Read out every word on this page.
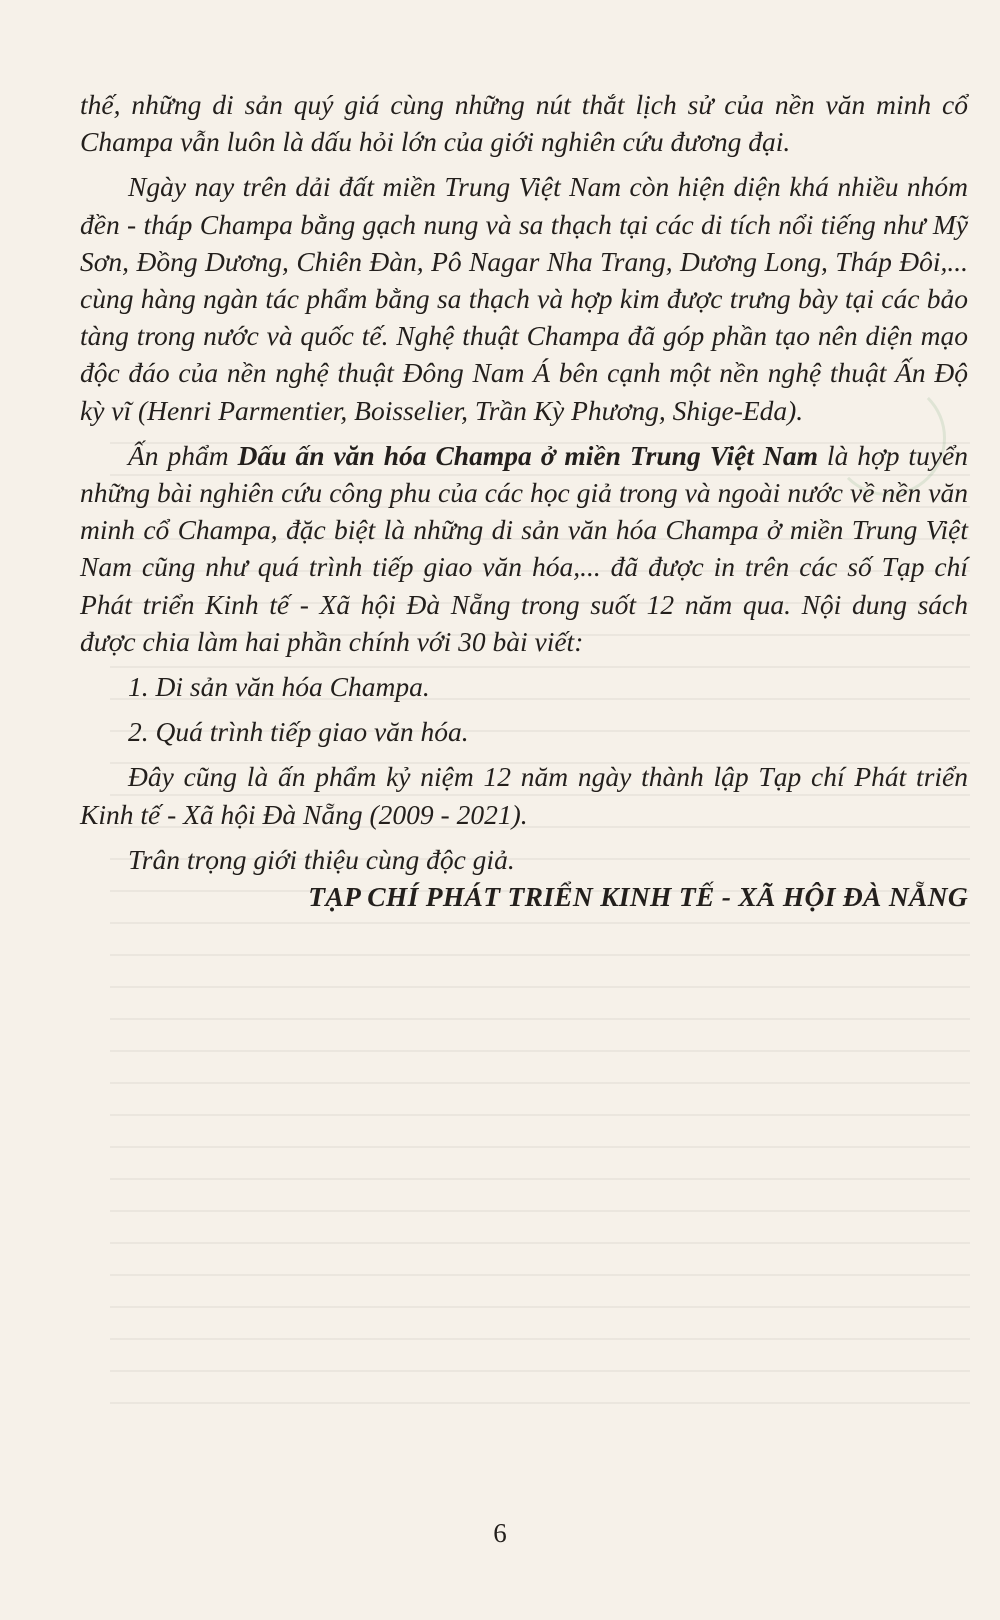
thế, những di sản quý giá cùng những nút thắt lịch sử của nền văn minh cổ Champa vẫn luôn là dấu hỏi lớn của giới nghiên cứu đương đại.

Ngày nay trên dải đất miền Trung Việt Nam còn hiện diện khá nhiều nhóm đền - tháp Champa bằng gạch nung và sa thạch tại các di tích nổi tiếng như Mỹ Sơn, Đồng Dương, Chiên Đàn, Pô Nagar Nha Trang, Dương Long, Tháp Đôi,... cùng hàng ngàn tác phẩm bằng sa thạch và hợp kim được trưng bày tại các bảo tàng trong nước và quốc tế. Nghệ thuật Champa đã góp phần tạo nên diện mạo độc đáo của nền nghệ thuật Đông Nam Á bên cạnh một nền nghệ thuật Ấn Độ kỳ vĩ (Henri Parmentier, Boisselier, Trần Kỳ Phương, Shige-Eda).

Ấn phẩm Dấu ấn văn hóa Champa ở miền Trung Việt Nam là hợp tuyển những bài nghiên cứu công phu của các học giả trong và ngoài nước về nền văn minh cổ Champa, đặc biệt là những di sản văn hóa Champa ở miền Trung Việt Nam cũng như quá trình tiếp giao văn hóa,... đã được in trên các số Tạp chí Phát triển Kinh tế - Xã hội Đà Nẵng trong suốt 12 năm qua. Nội dung sách được chia làm hai phần chính với 30 bài viết:

1. Di sản văn hóa Champa.

2. Quá trình tiếp giao văn hóa.

Đây cũng là ấn phẩm kỷ niệm 12 năm ngày thành lập Tạp chí Phát triển Kinh tế - Xã hội Đà Nẵng (2009 - 2021).

Trân trọng giới thiệu cùng độc giả.

TẠP CHÍ PHÁT TRIỂN KINH TẾ - XÃ HỘI ĐÀ NẴNG

6
